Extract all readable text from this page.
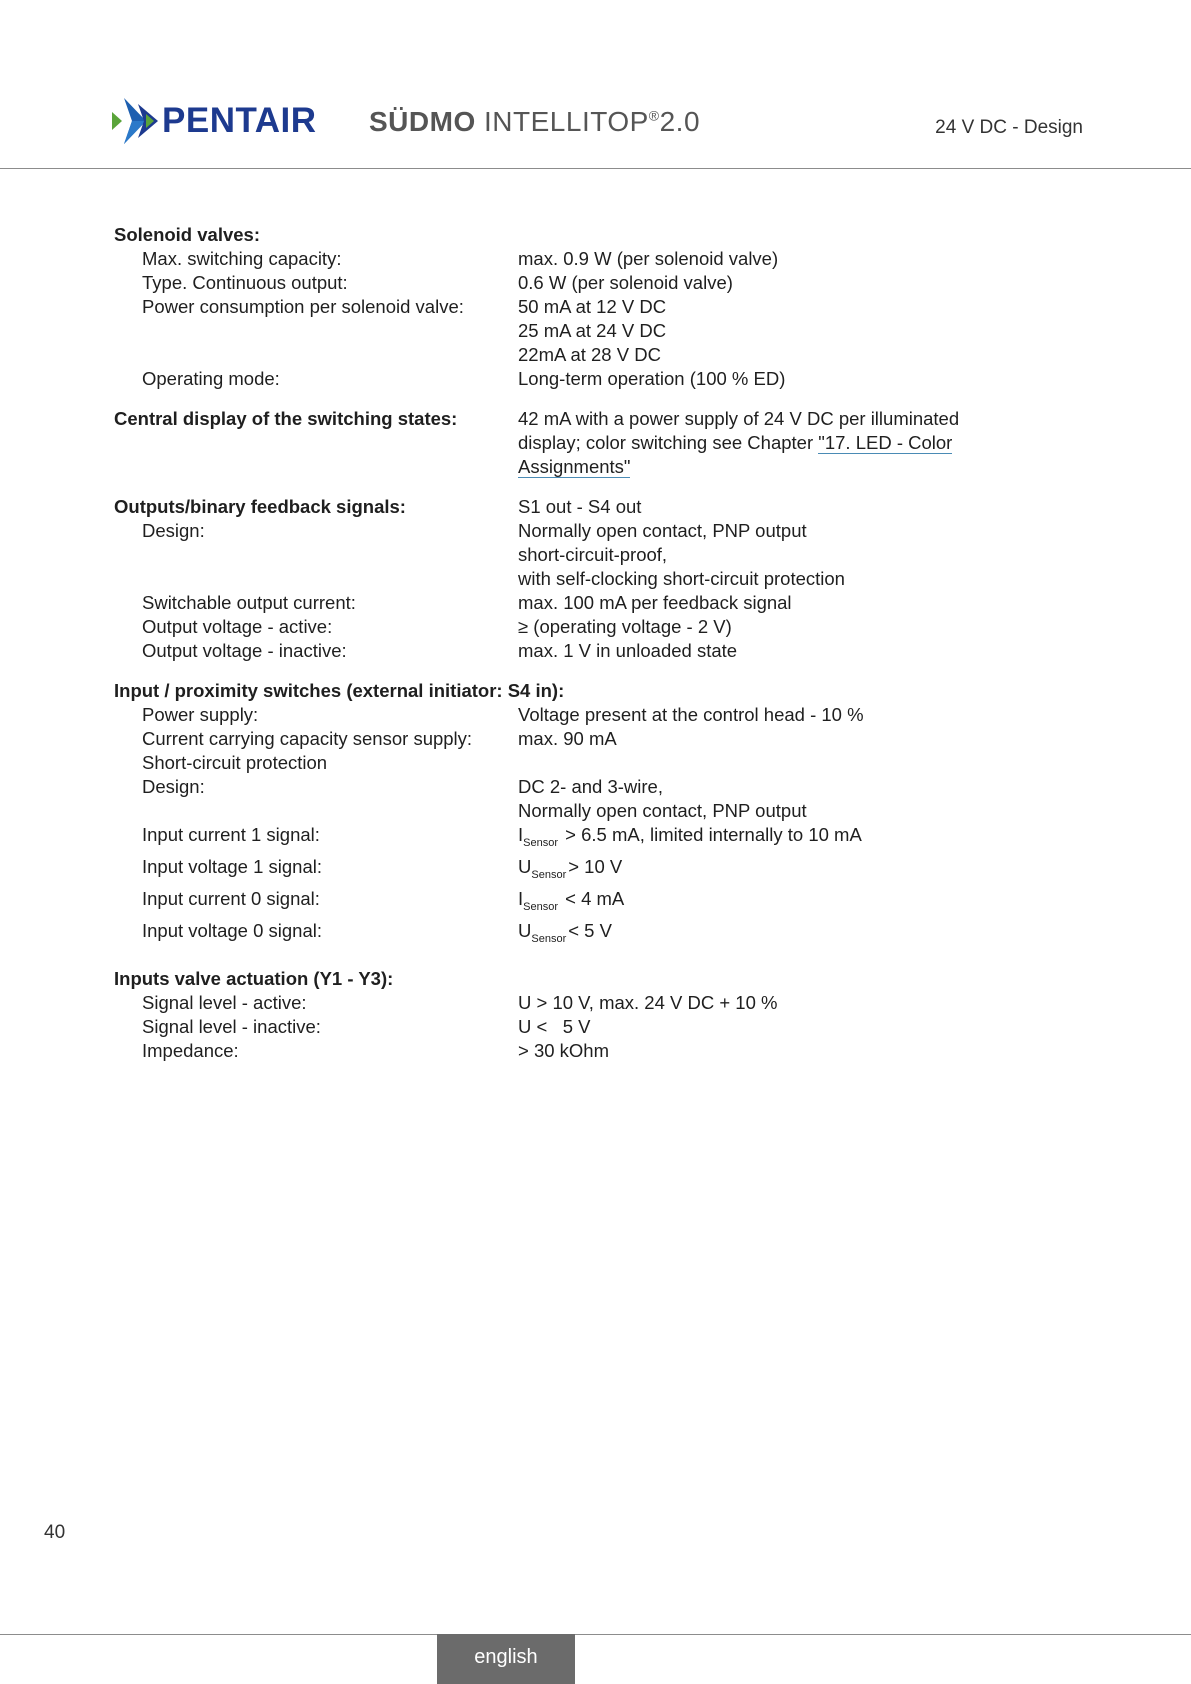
PENTAIR SÜDMO INTELLITOP®2.0	24 V DC - Design
Solenoid valves:
Max. switching capacity:	max. 0.9 W (per solenoid valve)
Type. Continuous output:	0.6 W (per solenoid valve)
Power consumption per solenoid valve:	50 mA at 12 V DC
25 mA at 24 V DC
22mA at 28 V DC
Operating mode:	Long-term operation (100 % ED)
Central display of the switching states:	42 mA with a power supply of 24 V DC per illuminated
display; color switching see Chapter "17. LED - Color
Assignments"
Outputs/binary feedback signals:	S1 out - S4 out
Design:	Normally open contact, PNP output
short-circuit-proof,
with self-clocking short-circuit protection
Switchable output current:	max. 100 mA per feedback signal
Output voltage - active:	≥ (operating voltage - 2 V)
Output voltage - inactive:	max. 1 V in unloaded state
Input / proximity switches (external initiator: S4 in):
Power supply:	Voltage present at the control head - 10 %
Current carrying capacity sensor supply:	max. 90 mA
Short-circuit protection
Design:	DC 2- and 3-wire,
Normally open contact, PNP output
Input current 1 signal:	$I_{Sensor} > 6.5$ mA, limited internally to 10 mA
Input voltage 1 signal:	$U_{Sensor} > 10$ V
Input current 0 signal:	$I_{Sensor} < 4$ mA
Input voltage 0 signal:	$U_{Sensor} < 5$ V
Inputs valve actuation (Y1 - Y3):
Signal level - active:	U > 10 V, max. 24 V DC + 10 %
Signal level - inactive:	U <   5 V
Impedance:	> 30 kOhm
40
english
